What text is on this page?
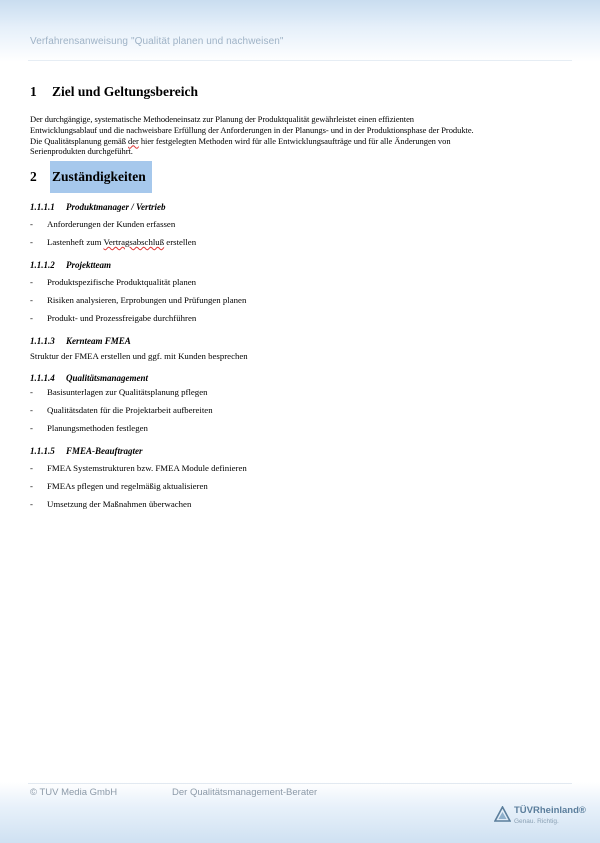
Verfahrensanweisung "Qualität planen und nachweisen"
1	Ziel und Geltungsbereich

Der durchgängige, systematische Methodeneinsatz zur Planung der Produktqualität gewährleistet einen effizienten
Entwicklungsablauf und die nachweisbare Erfüllung der Anforderungen in der Planungs- und in der Produktionsphase der Produkte.
Die Qualitätsplanung gemäß der hier festgelegten Methoden wird für alle Entwicklungsaufträge und für alle Änderungen von
Serienprodukten durchgeführt.

2	Zuständigkeiten
1.1.1.1	Produktmanager / Vertrieb
-	Anforderungen der Kunden erfassen
-	Lastenheft zum Vertragsabschluß erstellen
1.1.1.2	Projektteam
-	Produktspezifische Produktqualität planen
-	Risiken analysieren, Erprobungen und Prüfungen planen
-	Produkt- und Prozessfreigabe durchführen
1.1.1.3	Kernteam FMEA

Struktur der FMEA erstellen und ggf. mit Kunden besprechen

1.1.1.4	Qualitätsmanagement
-	Basisunterlagen zur Qualitätsplanung pflegen
-	Qualitätsdaten für die Projektarbeit aufbereiten
-	Planungsmethoden festlegen
1.1.1.5	FMEA-Beauftragter
-	FMEA Systemstrukturen bzw. FMEA Module definieren
-	FMEAs pflegen und regelmäßig aktualisieren
-	Umsetzung der Maßnahmen überwachen
© TUV Media GmbH	Der Qualitätsmanagement-Berater
TÜVRheinland®
Genau. Richtig.
